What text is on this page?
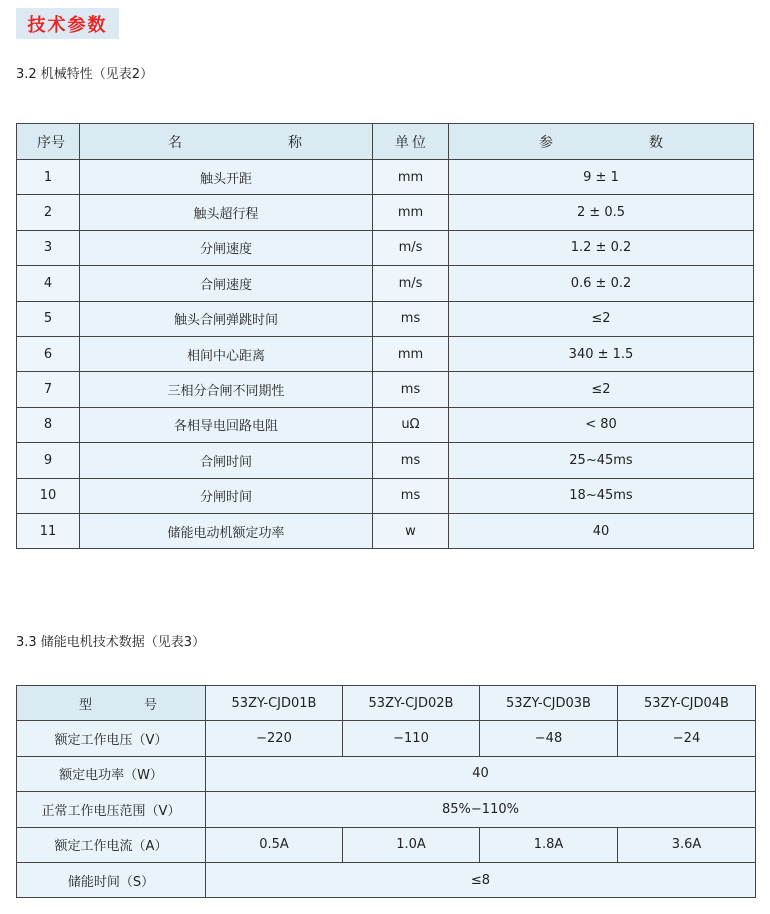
技术参数
3.2 机械特性（见表2）
序 号	名 称	单 位	参 数

1	触头开距	mm	9 ± 1
2	触头超行程	mm	2 ± 0.5
3	分闸速度	m/s	1.2 ± 0.2
4	合闸速度	m/s	0.6 ± 0.2
5	触头合闸弹跳时间	ms	≤2
6	相间中心距离	mm	340 ± 1.5
7	三相分合闸不同期性	ms	≤2
8	各相导电回路电阻	uΩ	< 80
9	合闸时间	ms	25~45ms
10	分闸时间	ms	18~45ms
11	储能电动机额定功率	w	40
3.3 储能电机技术数据（见表3）
型 号	53ZY-CJD01B	53ZY-CJD02B	53ZY-CJD03B	53ZY-CJD04B
额定工作电压（V）	−220	−110	−48	−24
额定电功率（W）	40			
正常工作电压范围（V）	85%−110%			
额定工作电流（A）	0.5A	1.0A	1.8A	3.6A
储能时间（S）	≤8			
